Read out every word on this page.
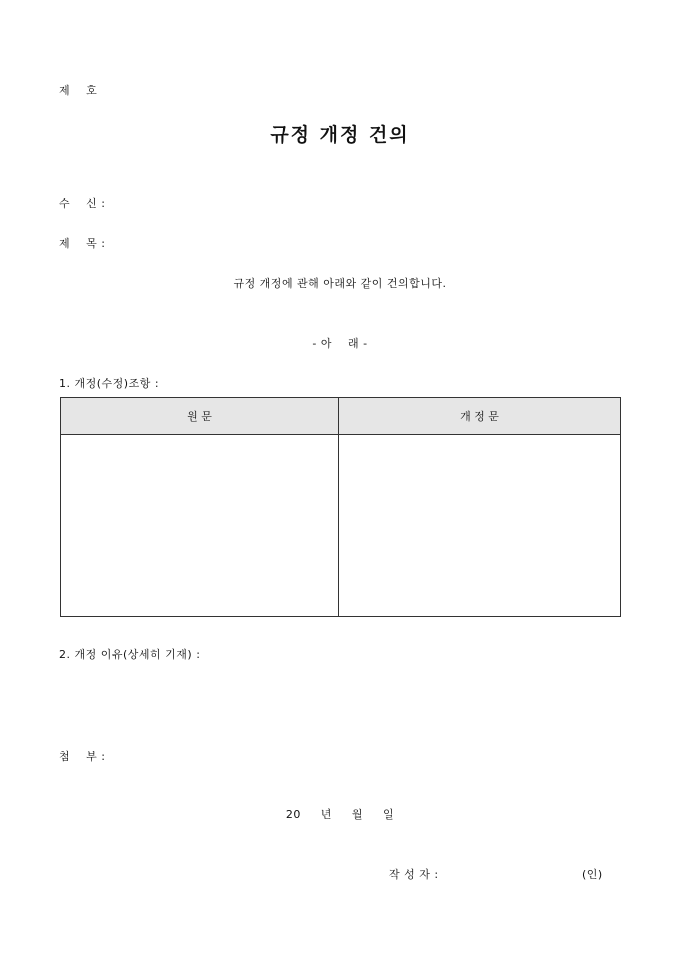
제    호
규정 개정 건의
수    신 :
제    목 :
규정 개정에 관해 아래와 같이 건의합니다.
- 아    래 -
1. 개정(수정)조항 :
원 문	개 정 문

2. 개정 이유(상세히 기재) :
첨    부 :
20     년     월     일
작 성 자 :	(인)
